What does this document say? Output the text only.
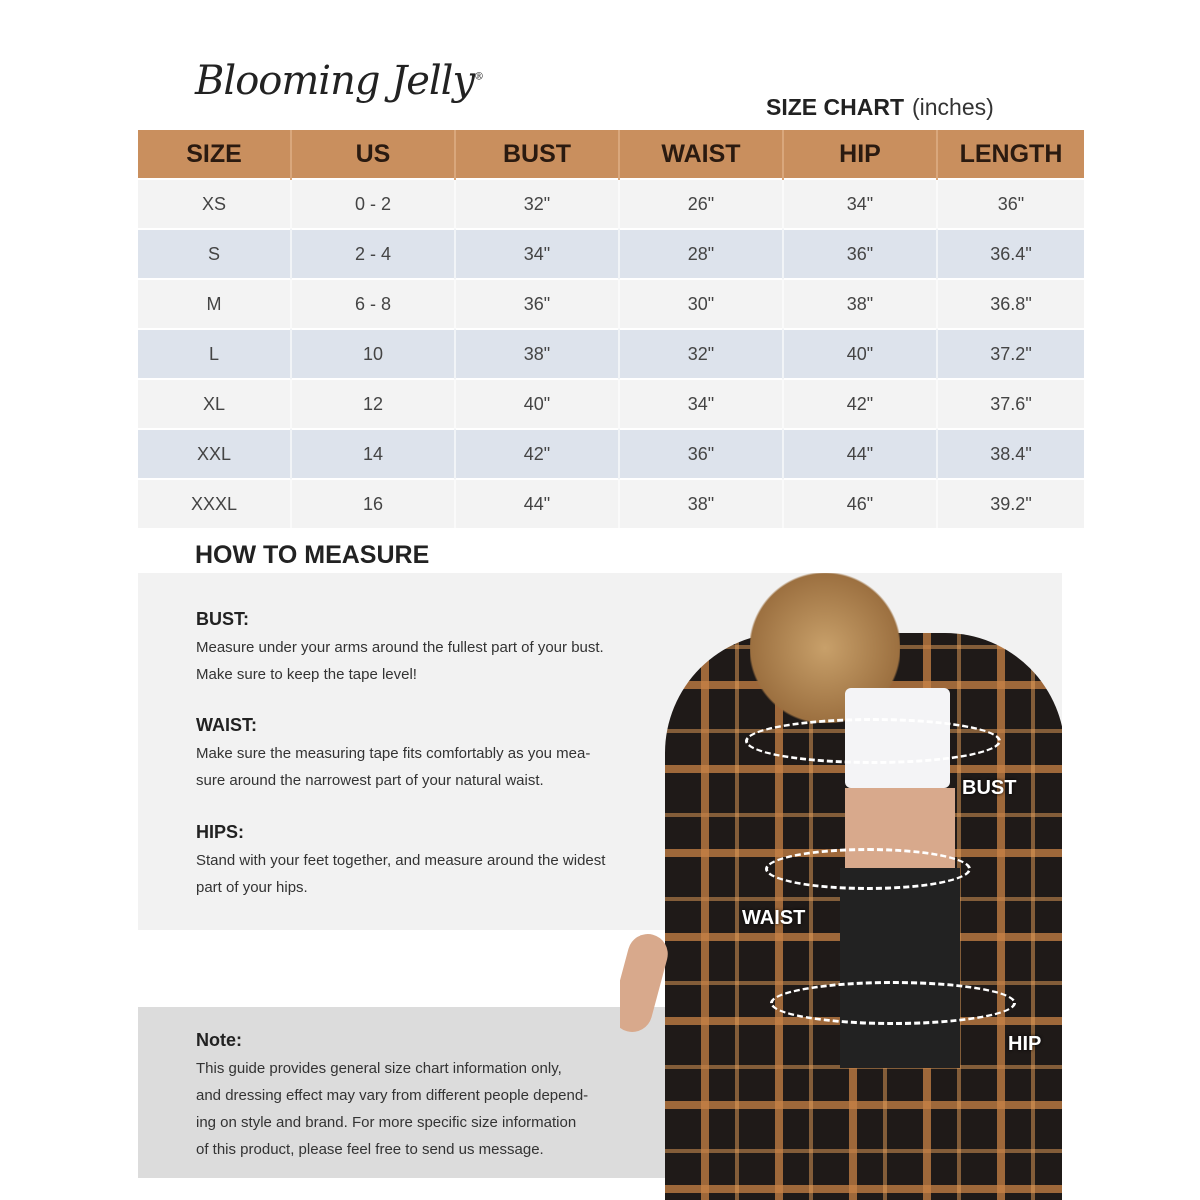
Blooming Jelly®
SIZE CHART (inches)
SIZE	US	BUST	WAIST	HIP	LENGTH
XS	0 - 2	32"	26"	34"	36"
S	2 - 4	34"	28"	36"	36.4"
M	6 - 8	36"	30"	38"	36.8"
L	10	38"	32"	40"	37.2"
XL	12	40"	34"	42"	37.6"
XXL	14	42"	36"	44"	38.4"
XXXL	16	44"	38"	46"	39.2"
HOW TO MEASURE
BUST:

Measure under your arms around the fullest part of your bust.

Make sure to keep the tape level!

WAIST:

Make sure the measuring tape fits comfortably as you mea-

sure around the narrowest part of your natural waist.

HIPS:

Stand with your feet together, and measure around the widest

part of your hips.

Note:

This guide provides general size chart information only,

and dressing effect may vary from different people depend-

ing on style and brand. For more specific size information

of this product, please feel free to send us message.

BUST
WAIST
HIP
